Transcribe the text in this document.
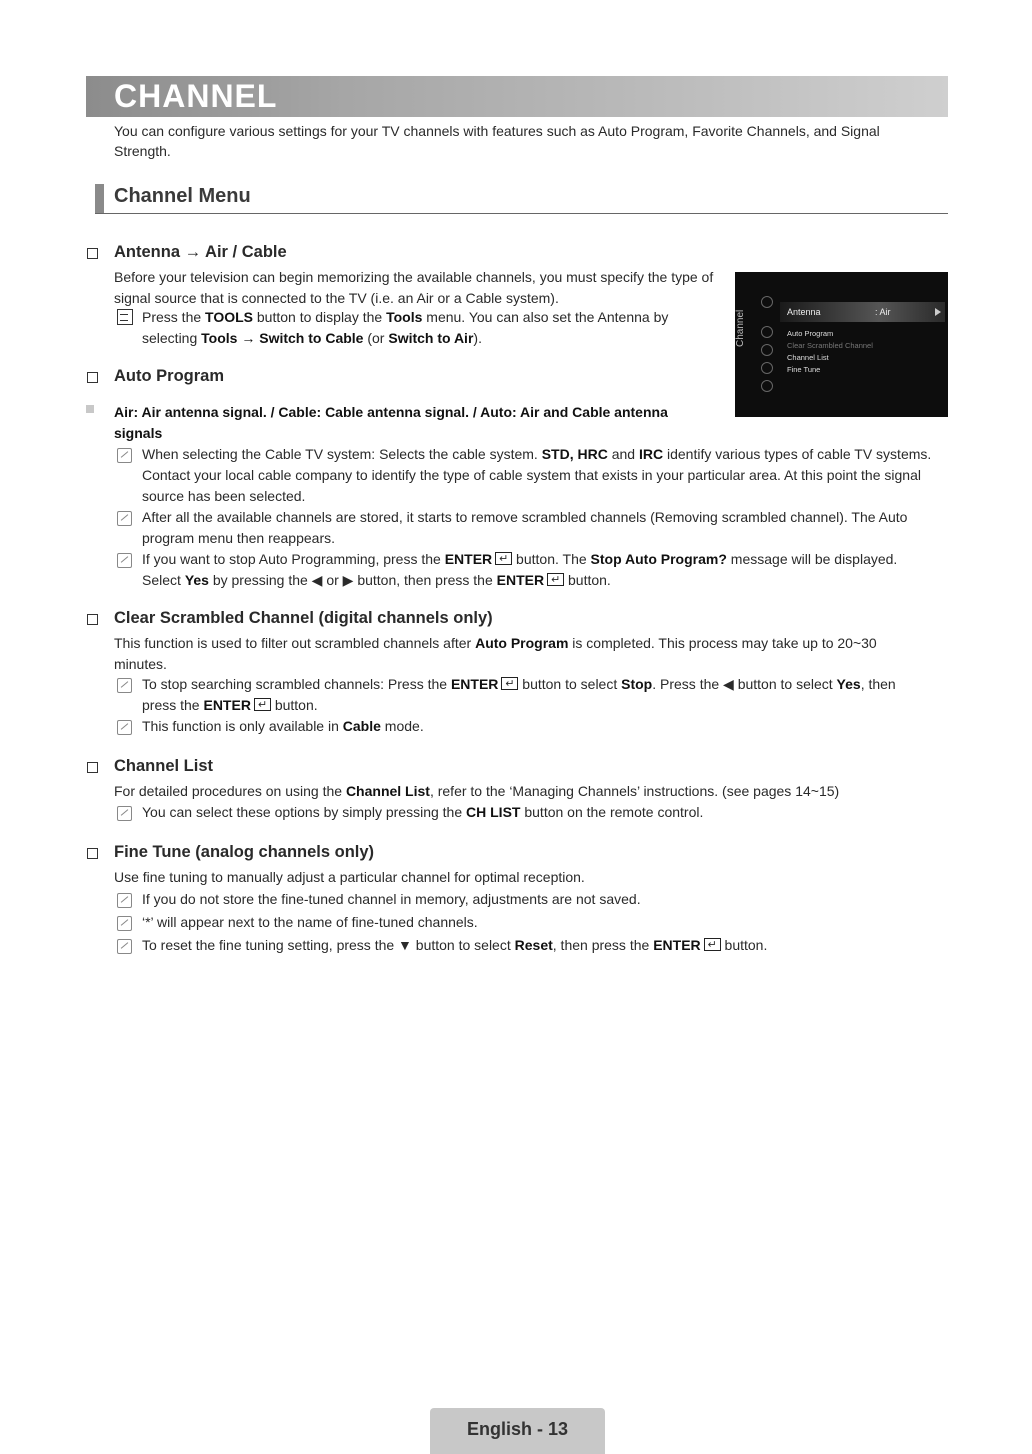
CHANNEL
You can configure various settings for your TV channels with features such as Auto Program, Favorite Channels, and Signal Strength.
Channel Menu
Antenna → Air / Cable
Before your television can begin memorizing the available channels, you must specify the type of signal source that is connected to the TV (i.e. an Air or a Cable system).
Press the TOOLS button to display the Tools menu. You can also set the Antenna by selecting Tools → Switch to Cable (or Switch to Air).	Channel	Antenna	: Air
Auto Program
Clear Scrambled Channel
Channel List
Fine Tune
Auto Program
Air: Air antenna signal. / Cable: Cable antenna signal. / Auto: Air and Cable antenna signals
When selecting the Cable TV system: Selects the cable system. STD, HRC and IRC identify various types of cable TV systems. Contact your local cable company to identify the type of cable system that exists in your particular area. At this point the signal source has been selected.
After all the available channels are stored, it starts to remove scrambled channels (Removing scrambled channel). The Auto program menu then reappears.
If you want to stop Auto Programming, press the ENTER↵ button. The Stop Auto Program? message will be displayed. Select Yes by pressing the ◀ or ▶ button, then press the ENTER↵ button.
Clear Scrambled Channel (digital channels only)
This function is used to filter out scrambled channels after Auto Program is completed. This process may take up to 20~30 minutes.
To stop searching scrambled channels: Press the ENTER↵ button to select Stop. Press the ◀ button to select Yes, then press the ENTER↵ button.
This function is only available in Cable mode.
Channel List
For detailed procedures on using the Channel List, refer to the ‘Managing Channels’ instructions. (see pages 14~15)
You can select these options by simply pressing the CH LIST button on the remote control.
Fine Tune (analog channels only)
Use fine tuning to manually adjust a particular channel for optimal reception.
If you do not store the fine-tuned channel in memory, adjustments are not saved.
‘*’ will appear next to the name of fine-tuned channels.
To reset the fine tuning setting, press the ▼ button to select Reset, then press the ENTER↵ button.
English - 13
